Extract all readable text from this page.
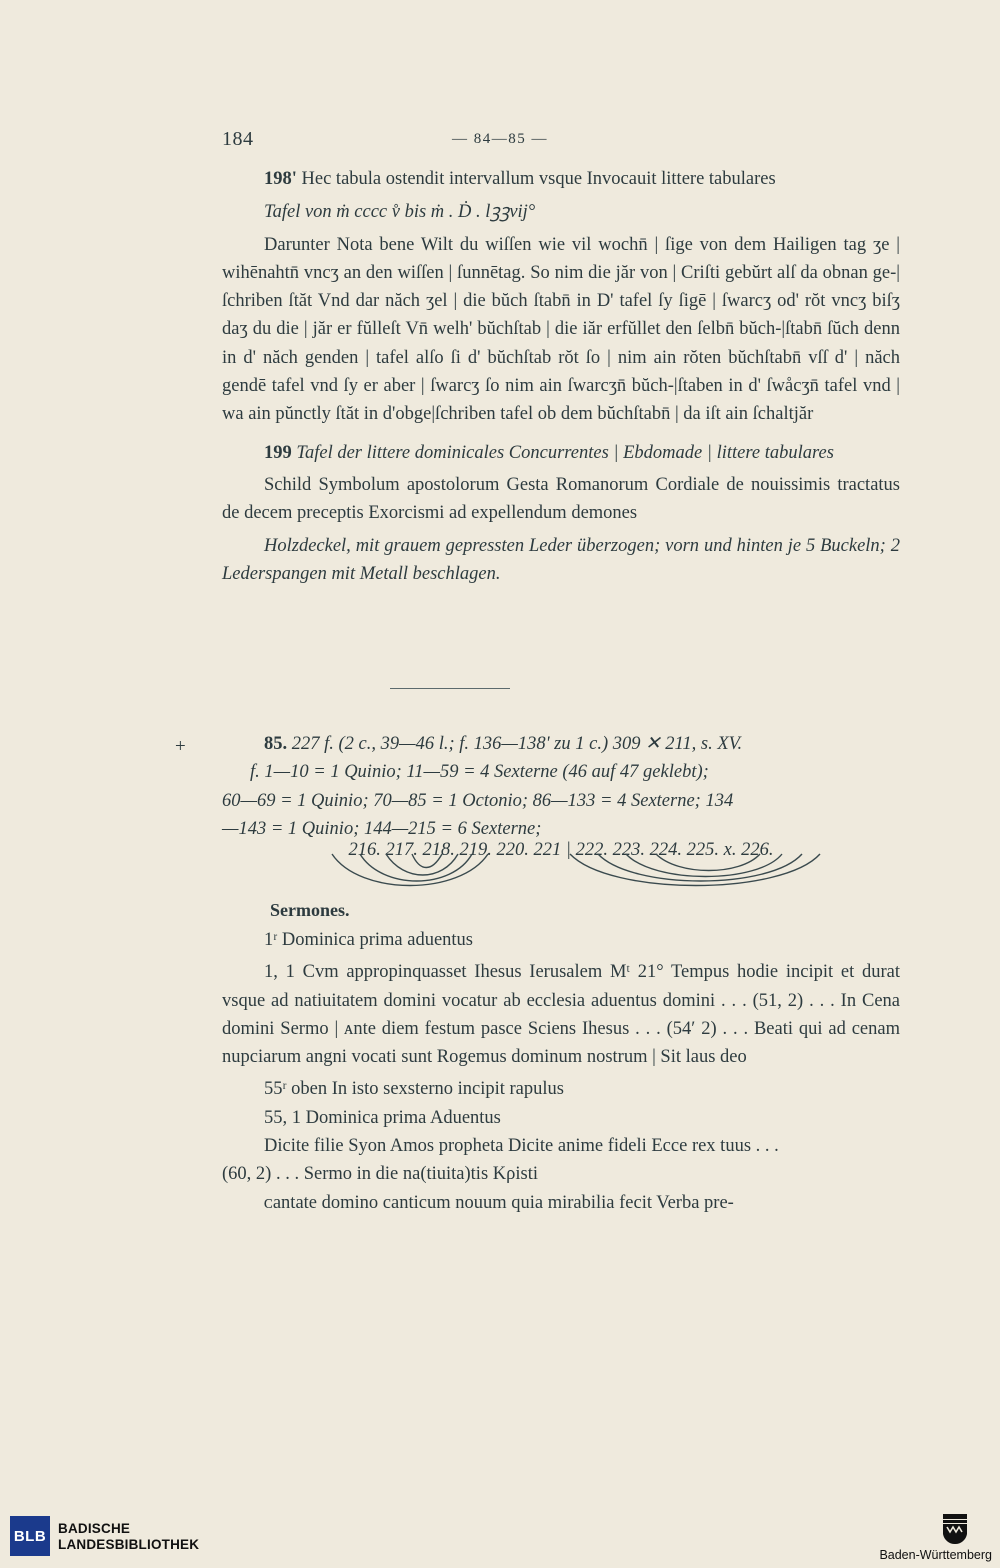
184	— 84—85 —

198' Hec tabula ostendit intervallum vsque Invocauit littere tabulares

Tafel von ṁ cccc v̊ bis ṁ . Ḋ . lꝫꝫvij°

Darunter Nota bene Wilt du wiſſen wie vil wochn̄ | ſige von dem Hailigen tag ʒe | wihēnahtn̄ vncʒ an den wiſſen | ſunnētag. So nim die jăr von | Criſti gebŭrt alſ da obnan ge-|ſchriben ſtăt Vnd dar năch ʒel | die bŭch ſtabn̄ in D' tafel ſy ſigē | ſwarcʒ od' rŏt vncʒ biſʒ daʒ du die | jăr er fŭlleſt Vn̄ welh' bŭchſtab | die iăr erfŭllet den ſelbn̄ bŭch-|ſtabn̄ ſŭch denn in d' năch genden | tafel alſo ſi d' bŭchſtab rŏt ſo | nim ain rŏten bŭchſtabn̄ vſſ d' | năch gendē tafel vnd ſy er aber | ſwarcʒ ſo nim ain ſwarcʒn̄ bŭch-|ſtaben in d' ſwåcʒn̄ tafel vnd | wa ain pŭnctly ſtăt in d'obge|ſchriben tafel ob dem bŭchſtabn̄ | da iſt ain ſchaltjăr

199 Tafel der littere dominicales Concurrentes | Ebdomade | littere tabulares

Schild Symbolum apostolorum Gesta Romanorum Cordiale de nouissimis tractatus de decem preceptis Exorcismi ad expellendum demones

Holzdeckel, mit grauem gepressten Leder überzogen; vorn und hinten je 5 Buckeln; 2 Lederspangen mit Metall beschlagen.

+	85. 227 f. (2 c., 39—46 l.; f. 136—138' zu 1 c.) 309 ✕ 211, s. XV.

f. 1—10 = 1 Quinio; 11—59 = 4 Sexterne (46 auf 47 geklebt);

60—69 = 1 Quinio; 70—85 = 1 Octonio; 86—133 = 4 Sexterne; 134

—143 = 1 Quinio; 144—215 = 6 Sexterne;

216. 217. 218. 219. 220. 221 | 222. 223. 224. 225. x. 226.
Sermones.

1ʳ Dominica prima aduentus

1, 1 Cvm appropinquasset Ihesus Ierusalem Mᵗ 21° Tempus hodie incipit et durat vsque ad natiuitatem domini vocatur ab ecclesia aduentus domini . . . (51, 2) . . . In Cena domini Sermo | ᴀnte diem festum pasce Sciens Ihesus . . . (54′ 2) . . . Beati qui ad cenam nupciarum angni vocati sunt Rogemus dominum nostrum | Sit laus deo

55ʳ oben In isto sexsterno incipit rapulus

55, 1 Dominica prima Aduentus

Dicite filie Syon Amos propheta Dicite anime fideli Ecce rex tuus . . .

(60, 2) . . . Sermo in die na(tiuita)tis Kρisti

ᴄantate domino canticum nouum quia mirabilia fecit Verba pre-

BLB BADISCHE
LANDESBIBLIOTHEK
Baden-Württemberg
